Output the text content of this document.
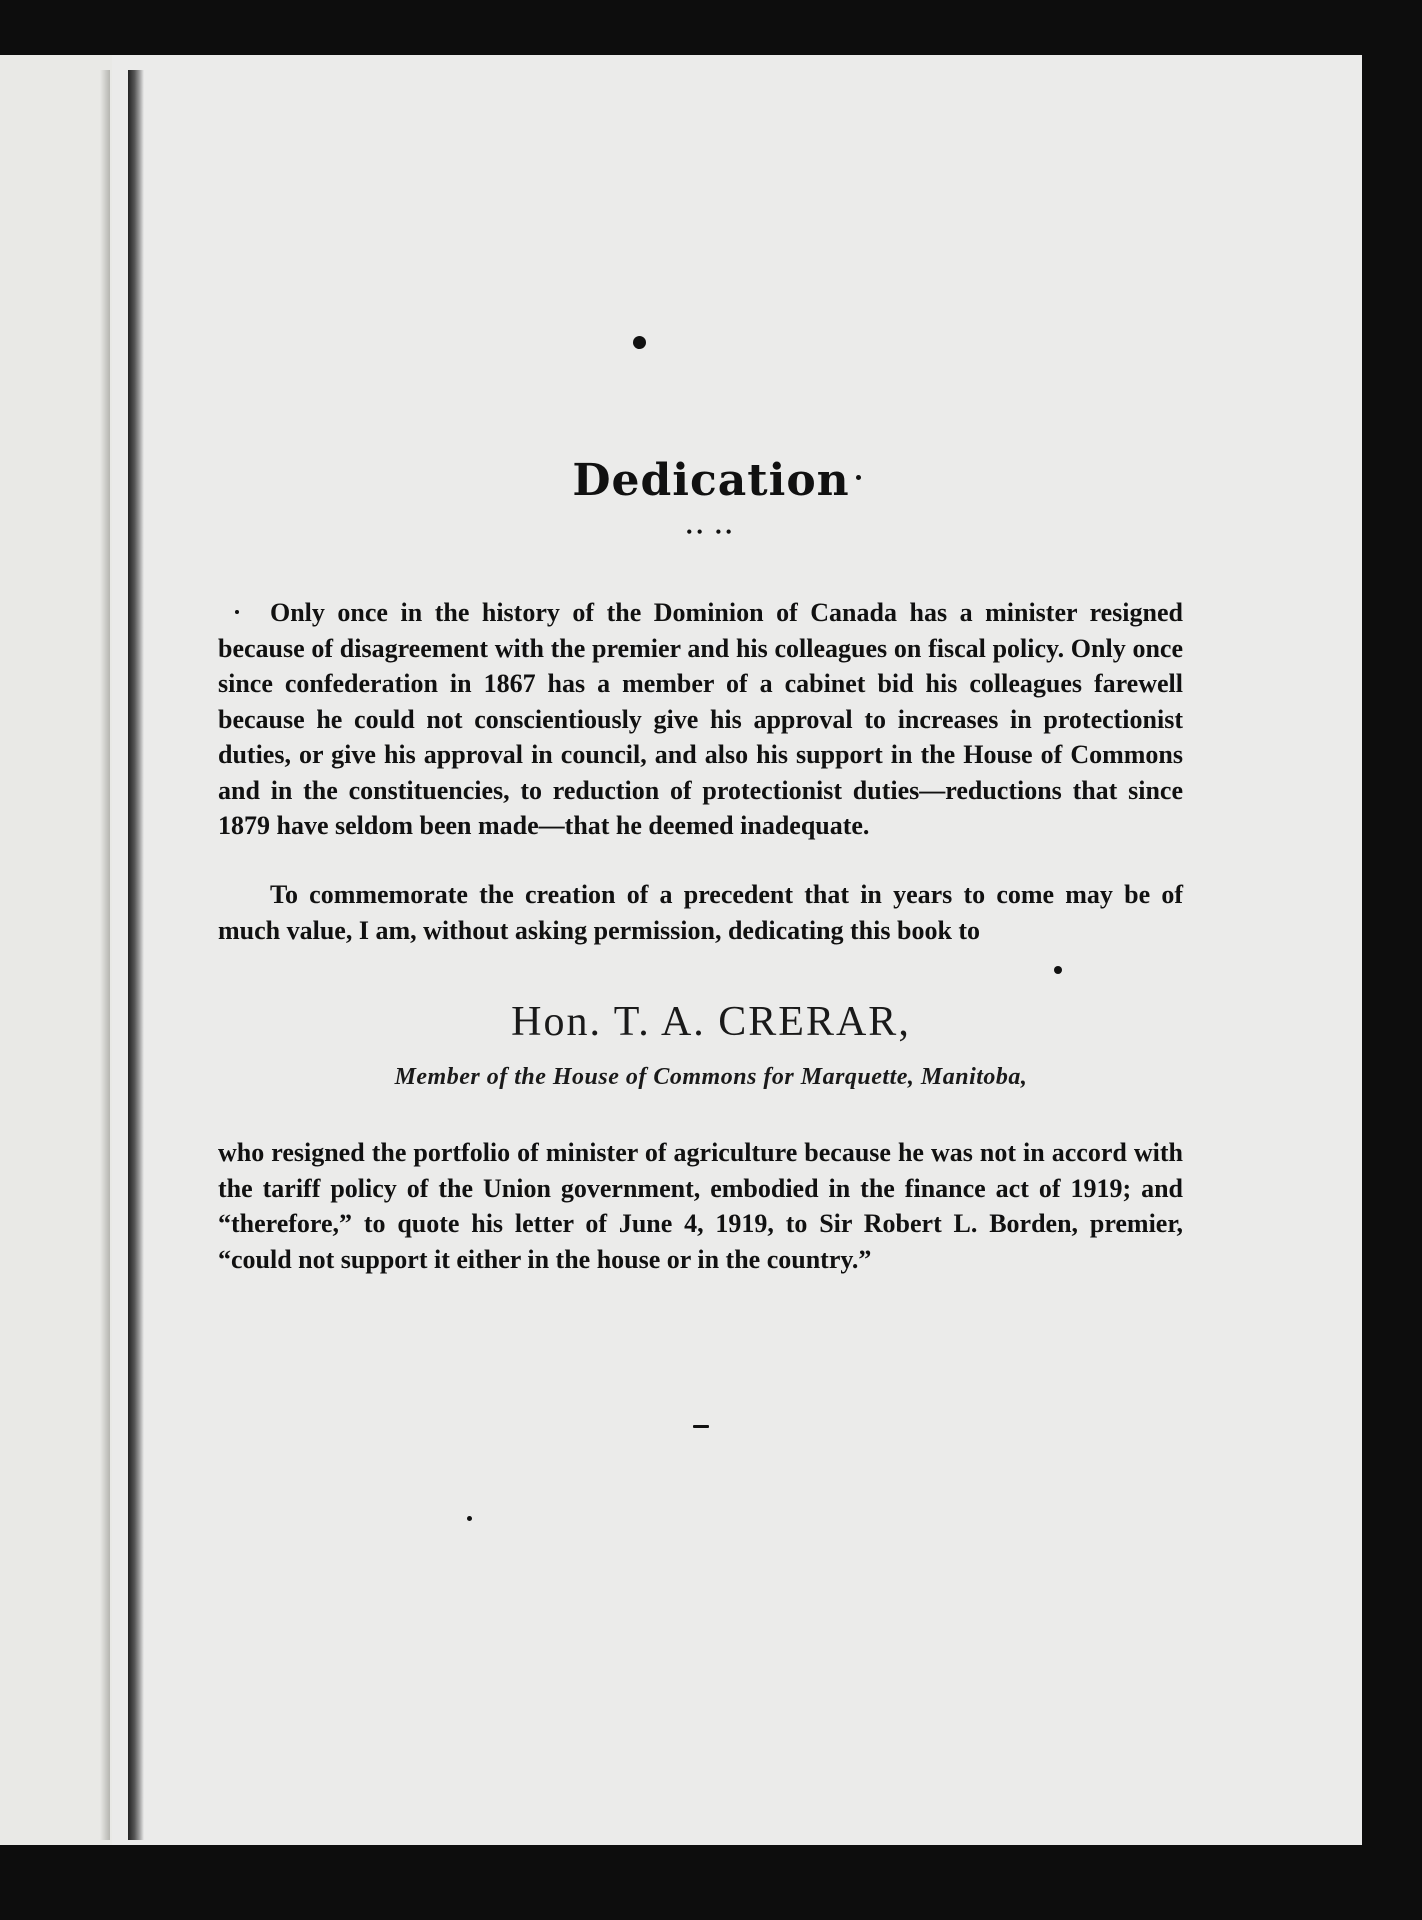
Dedication
•• ••

Only once in the history of the Dominion of Canada has a minister resigned because of disagreement with the premier and his colleagues on fiscal policy. Only once since confederation in 1867 has a member of a cabinet bid his colleagues farewell because he could not conscientiously give his approval to increases in protectionist duties, or give his approval in council, and also his support in the House of Commons and in the constituencies, to reduction of protectionist duties—reductions that since 1879 have seldom been made—that he deemed inadequate.

To commemorate the creation of a precedent that in years to come may be of much value, I am, without asking permission, dedicating this book to

Hon. T. A. CRERAR,
Member of the House of Commons for Marquette, Manitoba,

who resigned the portfolio of minister of agriculture because he was not in accord with the tariff policy of the Union government, embodied in the finance act of 1919; and “therefore,” to quote his letter of June 4, 1919, to Sir Robert L. Borden, premier, “could not support it either in the house or in the country.”
